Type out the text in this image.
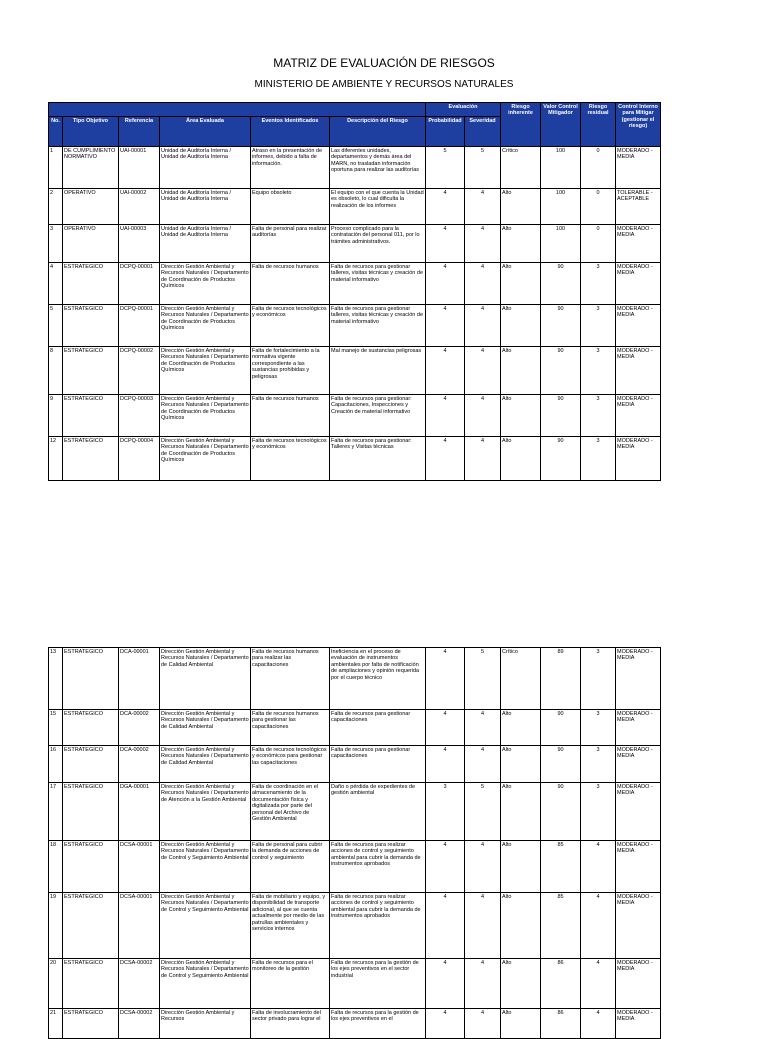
MATRIZ DE EVALUACIÓN DE RIESGOS
MINISTERIO DE AMBIENTE Y RECURSOS NATURALES
						Evaluación		Riesgo inherente	Valor Control Mitigador	Riesgo residual	Control Interno para Mitigar (gestionar el riesgo)
No.	Tipo Objetivo	Referencia	Área Evaluada	Eventos Identificados	Descripción del Riesgo	Probabilidad	Severidad				
1	DE CUMPLIMIENTO NORMATIVO	UAI-00001	Unidad de Auditoría Interna / Unidad de Auditoría Interna	Atraso en la presentación de informes, debido a falta de información.	Las diferentes unidades, departamentos y demás área del MARN, no trasladan información oportuna para realizar las auditorías	5	5	Crítico	100	0	MODERADO - MEDIA
2	OPERATIVO	UAI-00002	Unidad de Auditoría Interna / Unidad de Auditoría Interna	Equipo obsoleto	El equipo con el que cuenta la Unidad es obsoleto, lo cual dificulta la realización de los informes	4	4	Alto	100	0	TOLERABLE - ACEPTABLE
3	OPERATIVO	UAI-00003	Unidad de Auditoría Interna / Unidad de Auditoría Interna	Falta de personal para realizar auditorías	Proceso complicado para la contratación del personal 011, por lo trámites administrativos.	4	4	Alto	100	0	MODERADO - MEDIA
4	ESTRATEGICO	DCPQ-00001	Dirección Gestión Ambiental y Recursos Naturales / Departamento de Coordinación de Productos Químicos	Falta de recursos humanos	Falta de recursos para gestionar talleres, visitas técnicas y creación de material informativo	4	4	Alto	90	3	MODERADO - MEDIA
5	ESTRATEGICO	DCPQ-00001	Dirección Gestión Ambiental y Recursos Naturales / Departamento de Coordinación de Productos Químicos	Falta de recursos tecnológicos y económicos	Falta de recursos para gestionar talleres, visitas técnicas y creación de material informativo	4	4	Alto	90	3	MODERADO - MEDIA
8	ESTRATEGICO	DCPQ-00002	Dirección Gestión Ambiental y Recursos Naturales / Departamento de Coordinación de Productos Químicos	Falta de fortalecimiento a la normativa vigente correspondiente a las sustancias prohibidas y peligrosas	Mal manejo de sustancias peligrosas	4	4	Alto	90	3	MODERADO - MEDIA
9	ESTRATEGICO	DCPQ-00003	Dirección Gestión Ambiental y Recursos Naturales / Departamento de Coordinación de Productos Químicos	Falta de recursos humanos	Falta de recursos para gestionar: Capacitaciones, Inspecciones y Creación de material informativo	4	4	Alto	90	3	MODERADO - MEDIA
12	ESTRATEGICO	DCPQ-00004	Dirección Gestión Ambiental y Recursos Naturales / Departamento de Coordinación de Productos Químicos	Falta de recursos tecnológicos y económicos	Falta de recursos para gestionar: Talleres y Visitas técnicas	4	4	Alto	90	3	MODERADO - MEDIA
13	ESTRATEGICO	DCA-00001	Dirección Gestión Ambiental y Recursos Naturales / Departamento de Calidad Ambiental	Falta de recursos humanos para realizar las capacitaciones	Ineficiencia en el proceso de evaluación de instrumentos ambientales por falta de notificación de ampliaciones y opinión requerida por el cuerpo técnico	4	5	Crítico	89	3	MODERADO - MEDIA
15	ESTRATEGICO	DCA-00002	Dirección Gestión Ambiental y Recursos Naturales / Departamento de Calidad Ambiental	Falta de recursos humanos para gestionar las capacitaciones	Falta de recursos para gestionar capacitaciones	4	4	Alto	90	3	MODERADO - MEDIA
16	ESTRATEGICO	DCA-00002	Dirección Gestión Ambiental y Recursos Naturales / Departamento de Calidad Ambiental	Falta de recursos tecnológicos y económicos para gestionar las capacitaciones	Falta de recursos para gestionar capacitaciones	4	4	Alto	90	3	MODERADO - MEDIA
17	ESTRATEGICO	DGA-00001	Dirección Gestión Ambiental y Recursos Naturales / Departamento de Atención a la Gestión Ambiental	Falta de coordinación en el almacenamiento de la documentación física y digitalizada por parte del personal del Archivo de Gestión Ambiental	Daño o pérdida de expedientes de gestión ambiental	3	5	Alto	90	3	MODERADO - MEDIA
18	ESTRATEGICO	DCSA-00001	Dirección Gestión Ambiental y Recursos Naturales / Departamento de Control y Seguimiento Ambiental	Falta de personal para cubrir la demanda de acciones de control y seguimiento	Falta de recursos para realizar acciones de control y seguimiento ambiental para cubrir la demanda de instrumentos aprobados	4	4	Alto	85	4	MODERADO - MEDIA
19	ESTRATEGICO	DCSA-00001	Dirección Gestión Ambiental y Recursos Naturales / Departamento de Control y Seguimiento Ambiental	Falta de mobiliario y equipo, y disponibilidad de transporte adicional, al que se cuenta actualmente por medio de las patrullas ambientales y servicios internos	Falta de recursos para realizar acciones de control y seguimiento ambiental para cubrir la demanda de instrumentos aprobados	4	4	Alto	85	4	MODERADO - MEDIA
20	ESTRATEGICO	DCSA-00002	Dirección Gestión Ambiental y Recursos Naturales / Departamento de Control y Seguimiento Ambiental	Falta de recursos para el monitoreo de la gestión	Falta de recursos para la gestión de los ejes preventivos en el sector industrial	4	4	Alto	86	4	MODERADO - MEDIA
21	ESTRATEGICO	DCSA-00002	Dirección Gestión Ambiental y Recursos	Falta de involucramiento del sector privado para lograr el	Falta de recursos para la gestión de los ejes preventivos en el	4	4	Alto	86	4	MODERADO - MEDIA
